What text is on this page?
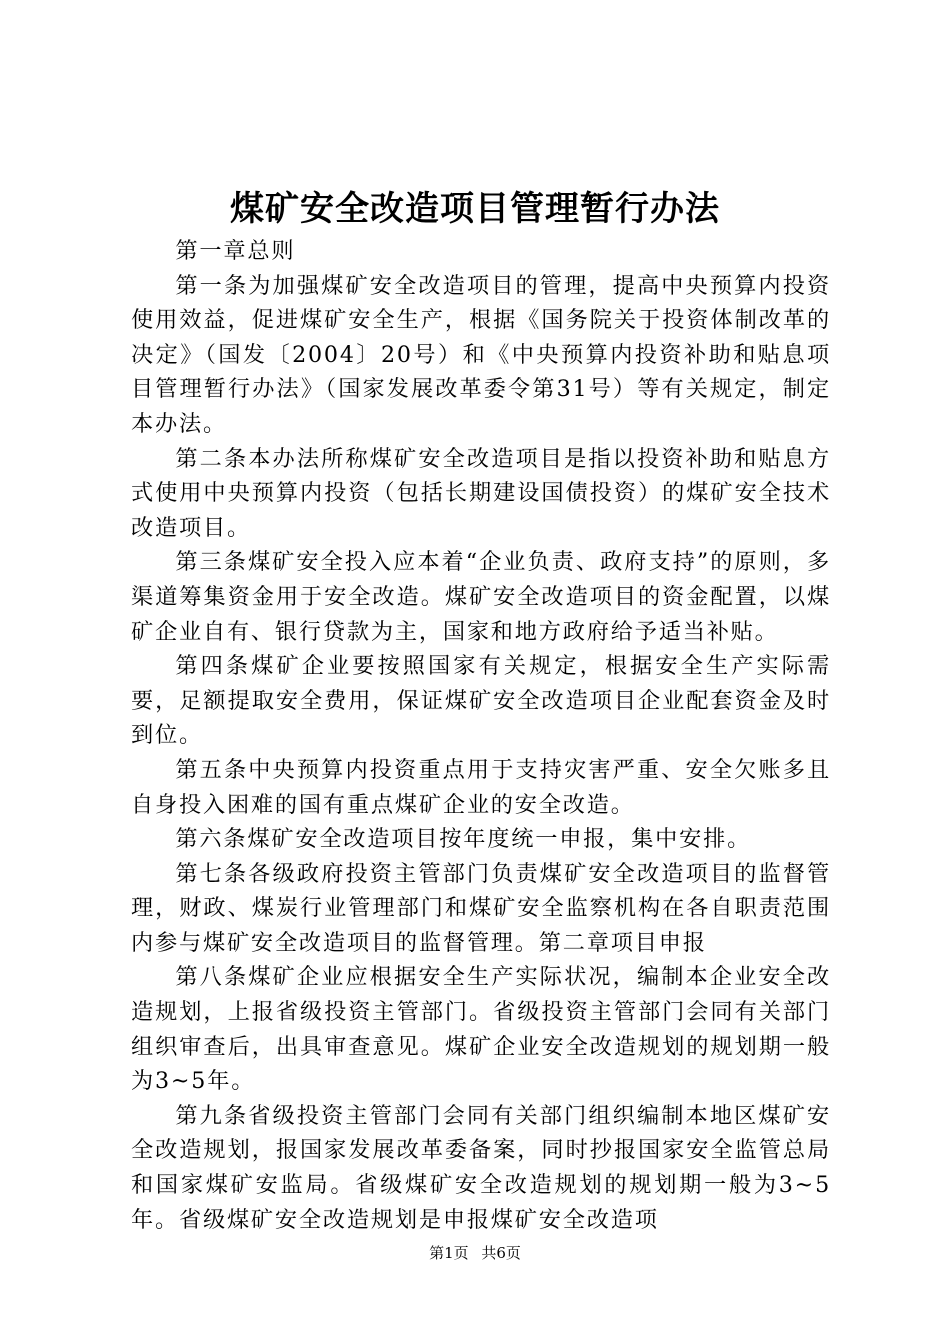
煤矿安全改造项目管理暂行办法

第一章总则

第一条为加强煤矿安全改造项目的管理，提高中央预算内投资使用效益，促进煤矿安全生产，根据《国务院关于投资体制改革的决定》（国发〔2004〕20号）和《中央预算内投资补助和贴息项目管理暂行办法》（国家发展改革委令第31号）等有关规定，制定本办法。

第二条本办法所称煤矿安全改造项目是指以投资补助和贴息方式使用中央预算内投资（包括长期建设国债投资）的煤矿安全技术改造项目。

第三条煤矿安全投入应本着“企业负责、政府支持”的原则，多渠道筹集资金用于安全改造。煤矿安全改造项目的资金配置，以煤矿企业自有、银行贷款为主，国家和地方政府给予适当补贴。

第四条煤矿企业要按照国家有关规定，根据安全生产实际需要，足额提取安全费用，保证煤矿安全改造项目企业配套资金及时到位。

第五条中央预算内投资重点用于支持灾害严重、安全欠账多且自身投入困难的国有重点煤矿企业的安全改造。

第六条煤矿安全改造项目按年度统一申报，集中安排。

第七条各级政府投资主管部门负责煤矿安全改造项目的监督管理，财政、煤炭行业管理部门和煤矿安全监察机构在各自职责范围内参与煤矿安全改造项目的监督管理。第二章项目申报

第八条煤矿企业应根据安全生产实际状况，编制本企业安全改造规划，上报省级投资主管部门。省级投资主管部门会同有关部门组织审查后，出具审查意见。煤矿企业安全改造规划的规划期一般为3~5年。

第九条省级投资主管部门会同有关部门组织编制本地区煤矿安全改造规划，报国家发展改革委备案，同时抄报国家安全监管总局和国家煤矿安监局。省级煤矿安全改造规划的规划期一般为3~5年。省级煤矿安全改造规划是申报煤矿安全改造项

第1页 共6页
